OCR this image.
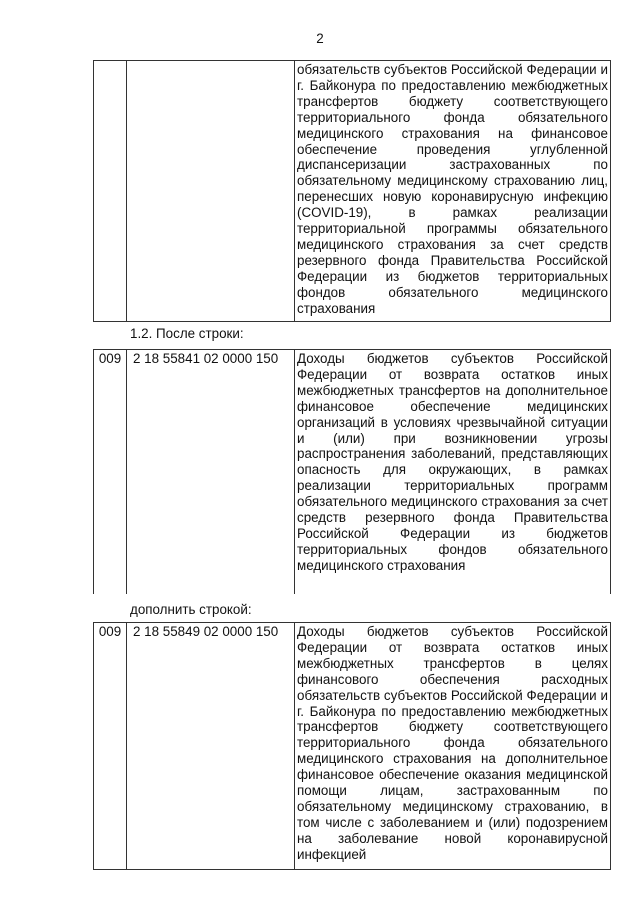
2
		обязательств субъектов Российской Федерации и г. Байконура по предоставлению межбюджетных трансфертов бюджету соответствующего территориального фонда обязательного медицинского страхования на финансовое обеспечение проведения углубленной диспансеризации застрахованных по обязательному медицинскому страхованию лиц, перенесших новую коронавирусную инфекцию (COVID-19), в рамках реализации территориальной программы обязательного медицинского страхования за счет средств резервного фонда Правительства Российской Федерации из бюджетов территориальных фондов обязательного медицинского страхования
1.2. После строки:
009	2 18 55841 02 0000 150	Доходы бюджетов субъектов Российской Федерации от возврата остатков иных межбюджетных трансфертов на дополнительное финансовое обеспечение медицинских организаций в условиях чрезвычайной ситуации и (или) при возникновении угрозы распространения заболеваний, представляющих опасность для окружающих, в рамках реализации территориальных программ обязательного медицинского страхования за счет средств резервного фонда Правительства Российской Федерации из бюджетов территориальных фондов обязательного медицинского страхования
дополнить строкой:
009	2 18 55849 02 0000 150	Доходы бюджетов субъектов Российской Федерации от возврата остатков иных межбюджетных трансфертов в целях финансового обеспечения расходных обязательств субъектов Российской Федерации и г. Байконура по предоставлению межбюджетных трансфертов бюджету соответствующего территориального фонда обязательного медицинского страхования на дополнительное финансовое обеспечение оказания медицинской помощи лицам, застрахованным по обязательному медицинскому страхованию, в том числе с заболеванием и (или) подозрением на заболевание новой коронавирусной инфекцией
